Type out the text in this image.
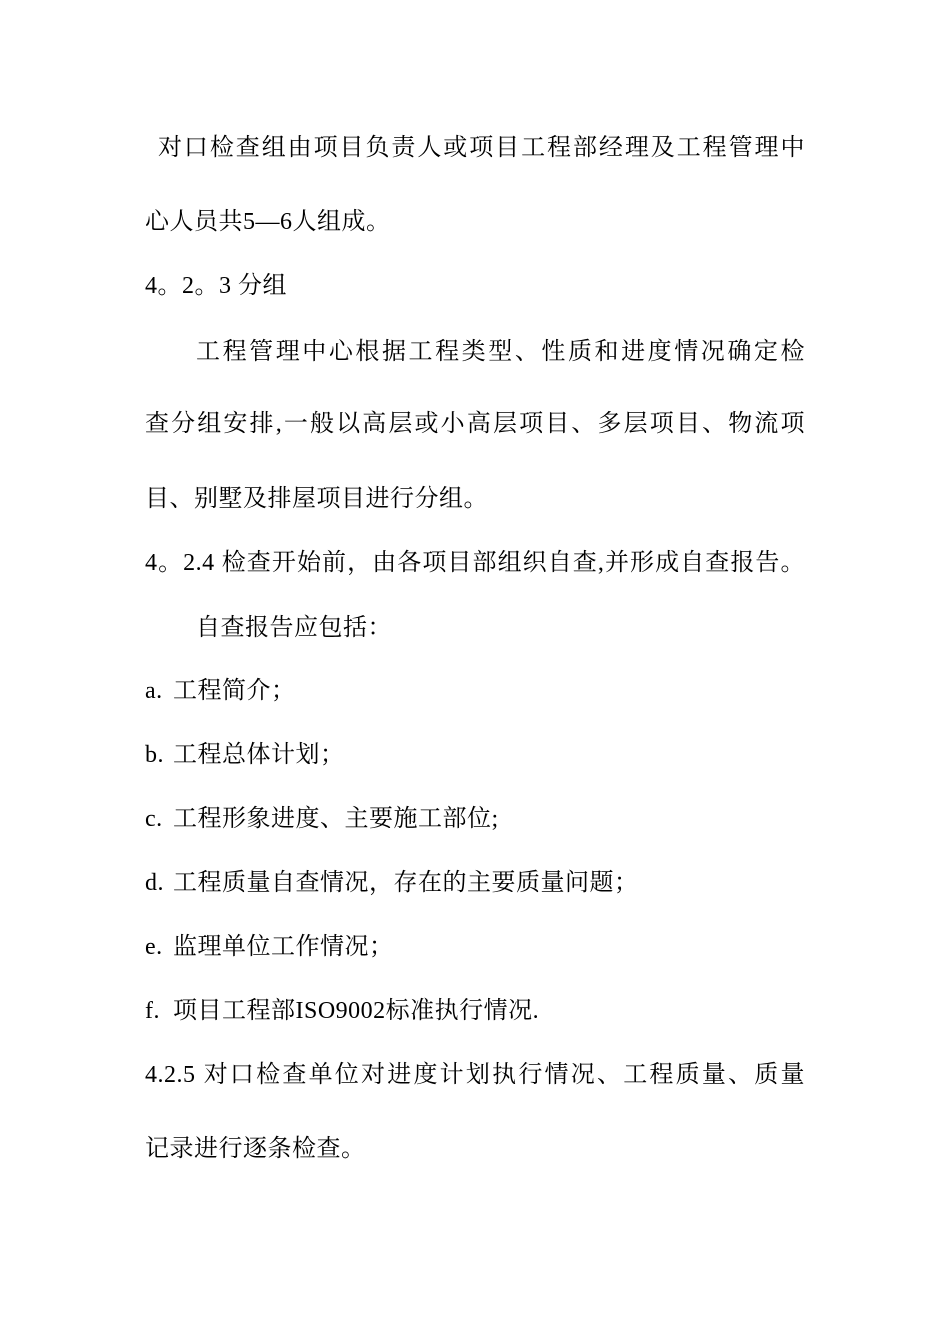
对口检查组由项目负责人或项目工程部经理及工程管理中
心人员共5—6人组成。
4。2。3 分组
工程管理中心根据工程类型、性质和进度情况确定检
查分组安排,一般以高层或小高层项目、多层项目、物流项
目、别墅及排屋项目进行分组。
4。2.4 检查开始前，由各项目部组织自查,并形成自查报告。
自查报告应包括：
a. 工程简介；
b. 工程总体计划；
c. 工程形象进度、主要施工部位;
d. 工程质量自查情况，存在的主要质量问题；
e. 监理单位工作情况；
f. 项目工程部ISO9002标准执行情况.
4.2.5 对口检查单位对进度计划执行情况、工程质量、质量
记录进行逐条检查。
